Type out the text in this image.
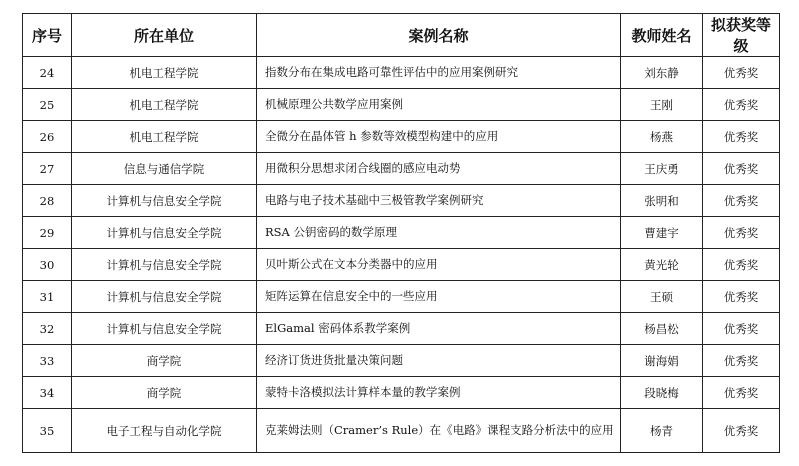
序号	所在单位	案例名称	教师姓名	拟获奖等级
24	机电工程学院	指数分布在集成电路可靠性评估中的应用案例研究	刘东静	优秀奖
25	机电工程学院	机械原理公共数学应用案例	王刚	优秀奖
26	机电工程学院	全微分在晶体管 h 参数等效模型构建中的应用	杨燕	优秀奖
27	信息与通信学院	用微积分思想求闭合线圈的感应电动势	王庆勇	优秀奖
28	计算机与信息安全学院	电路与电子技术基础中三极管教学案例研究	张明和	优秀奖
29	计算机与信息安全学院	RSA 公钥密码的数学原理	曹建宇	优秀奖
30	计算机与信息安全学院	贝叶斯公式在文本分类器中的应用	黄光轮	优秀奖
31	计算机与信息安全学院	矩阵运算在信息安全中的一些应用	王硕	优秀奖
32	计算机与信息安全学院	ElGamal 密码体系教学案例	杨昌松	优秀奖
33	商学院	经济订货进货批量决策问题	谢海娟	优秀奖
34	商学院	蒙特卡洛模拟法计算样本量的教学案例	段晓梅	优秀奖
35	电子工程与自动化学院	克莱姆法则（Cramer’s Rule）在《电路》课程支路分析法中的应用	杨青	优秀奖
